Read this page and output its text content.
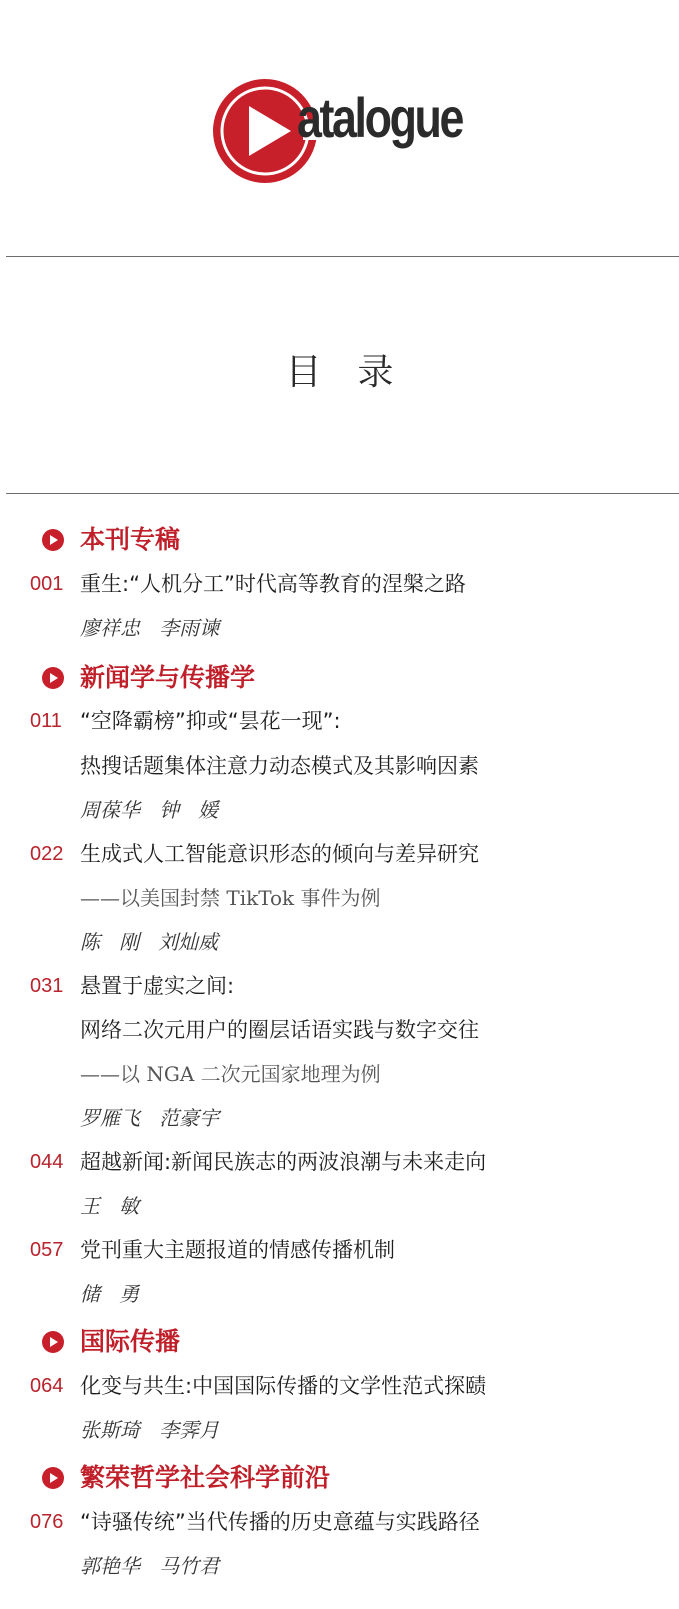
atalogue
目录
本刊专稿
001 重生:“人机分工”时代高等教育的涅槃之路
廖祥忠   李雨谏
新闻学与传播学
011 “空降霸榜”抑或“昙花一现”:
热搜话题集体注意力动态模式及其影响因素
周葆华   钟   媛
022 生成式人工智能意识形态的倾向与差异研究
——以美国封禁 TikTok 事件为例
陈   刚   刘灿威
031 悬置于虚实之间:
网络二次元用户的圈层话语实践与数字交往
——以 NGA 二次元国家地理为例
罗雁飞   范豪宇
044 超越新闻:新闻民族志的两波浪潮与未来走向
王   敏
057 党刊重大主题报道的情感传播机制
储   勇
国际传播
064 化变与共生:中国国际传播的文学性范式探赜
张斯琦   李霁月
繁荣哲学社会科学前沿
076 “诗骚传统”当代传播的历史意蕴与实践路径
郭艳华   马竹君
